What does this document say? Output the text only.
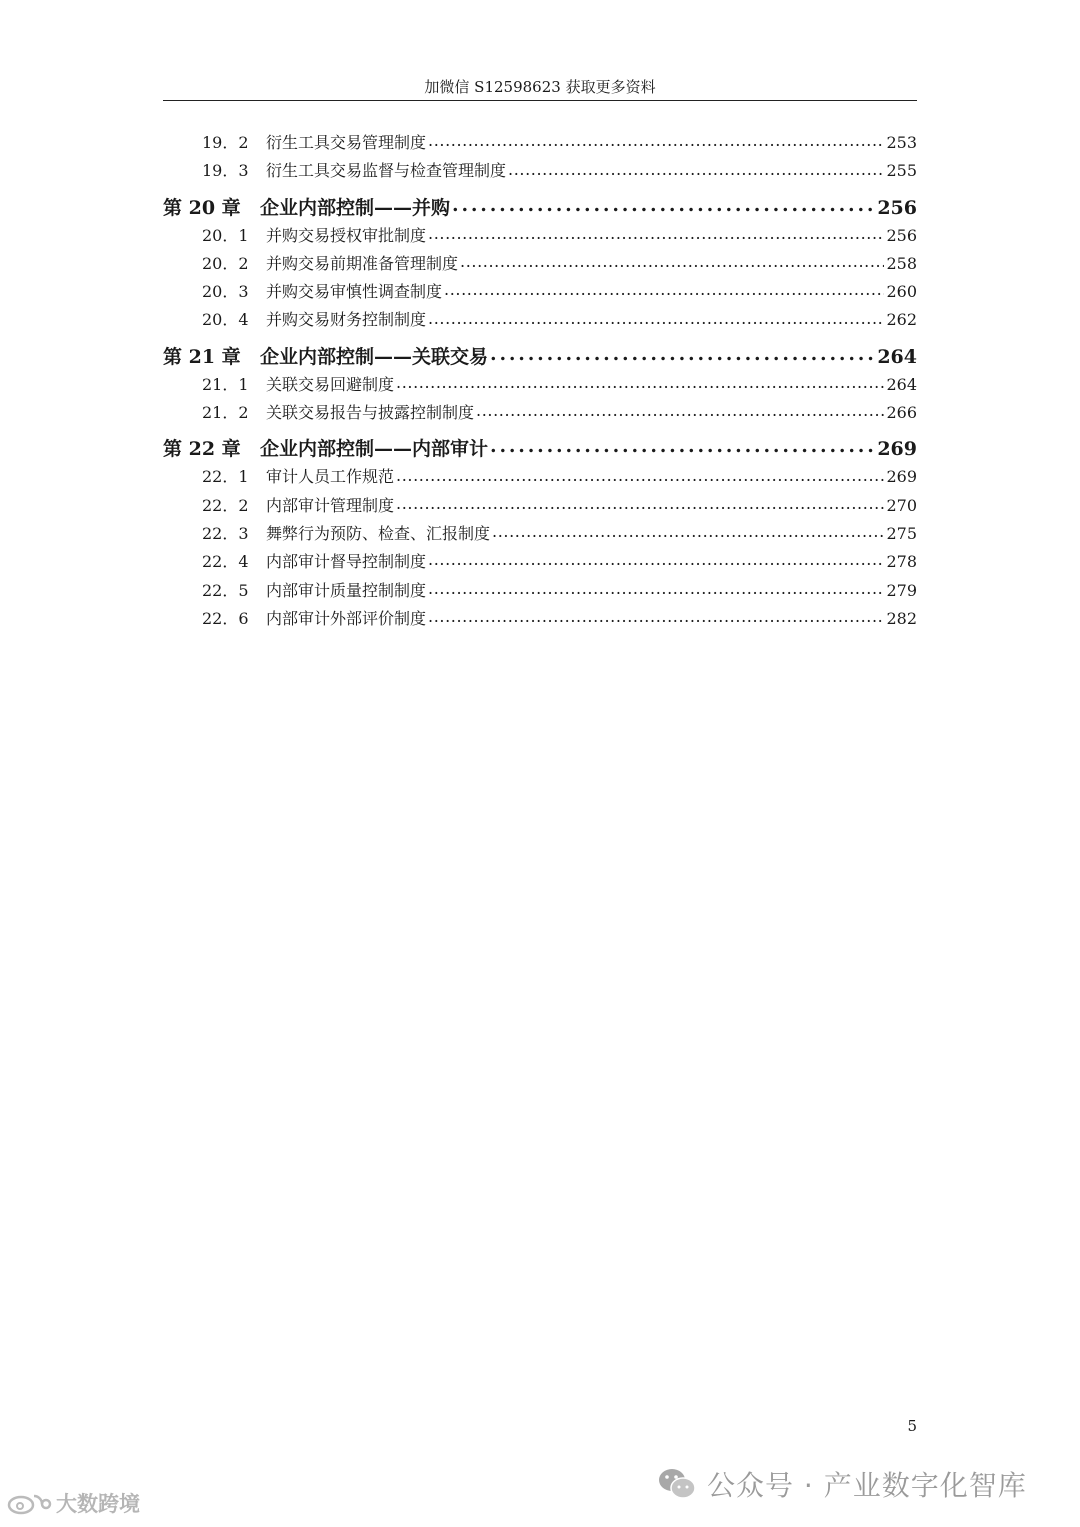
加微信 S12598623 获取更多资料
19．2	衍生工具交易管理制度 . . .	253
19．3	衍生工具交易监督与检查管理制度 . . .	255
第 20 章	企业内部控制——并购 . . .	256
20．1	并购交易授权审批制度 . . .	256
20．2	并购交易前期准备管理制度 . . .	258
20．3	并购交易审慎性调查制度 . . .	260
20．4	并购交易财务控制制度 . . .	262
第 21 章	企业内部控制——关联交易 . . .	264
21．1	关联交易回避制度 . . .	264
21．2	关联交易报告与披露控制制度 . . .	266
第 22 章	企业内部控制——内部审计 . . .	269
22．1	审计人员工作规范 . . .	269
22．2	内部审计管理制度 . . .	270
22．3	舞弊行为预防、检查、汇报制度 . . .	275
22．4	内部审计督导控制制度 . . .	278
22．5	内部审计质量控制制度 . . .	279
22．6	内部审计外部评价制度 . . .	282
5
公众号 · 产业数字化智库
大数跨境
